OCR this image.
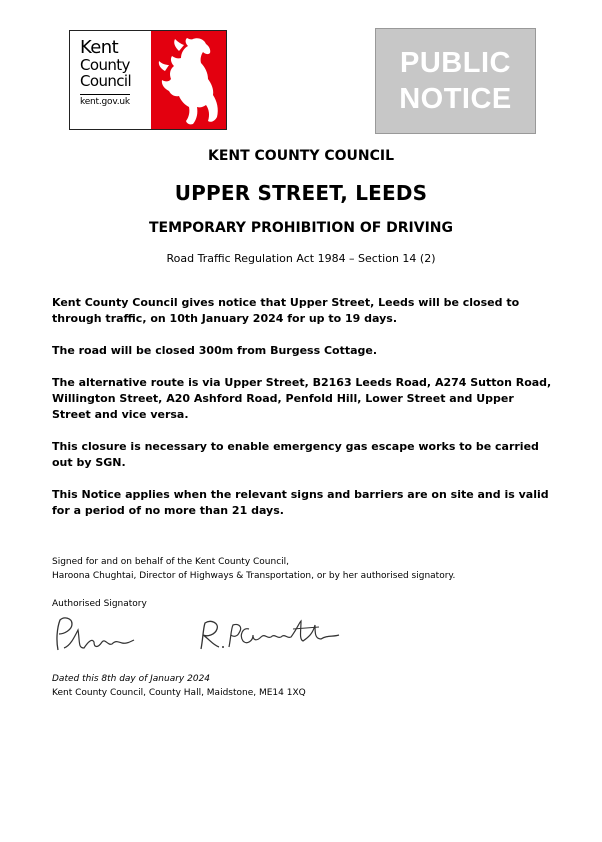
Kent
County
Council
kent.gov.uk
PUBLIC
NOTICE
KENT COUNTY COUNCIL
UPPER STREET, LEEDS
TEMPORARY PROHIBITION OF DRIVING
Road Traffic Regulation Act 1984 – Section 14 (2)

Kent County Council gives notice that Upper Street, Leeds will be closed to through traffic, on 10th January 2024 for up to 19 days.

The road will be closed 300m from Burgess Cottage.

The alternative route is via Upper Street, B2163 Leeds Road, A274 Sutton Road, Willington Street, A20 Ashford Road, Penfold Hill, Lower Street and Upper Street and vice versa.

This closure is necessary to enable emergency gas escape works to be carried out by SGN.

This Notice applies when the relevant signs and barriers are on site and is valid for a period of no more than 21 days.

Signed for and on behalf of the Kent County Council,
Haroona Chughtai, Director of Highways & Transportation, or by her authorised signatory.

Authorised Signatory

Dated this 8th day of January 2024

Kent County Council, County Hall, Maidstone, ME14 1XQ
